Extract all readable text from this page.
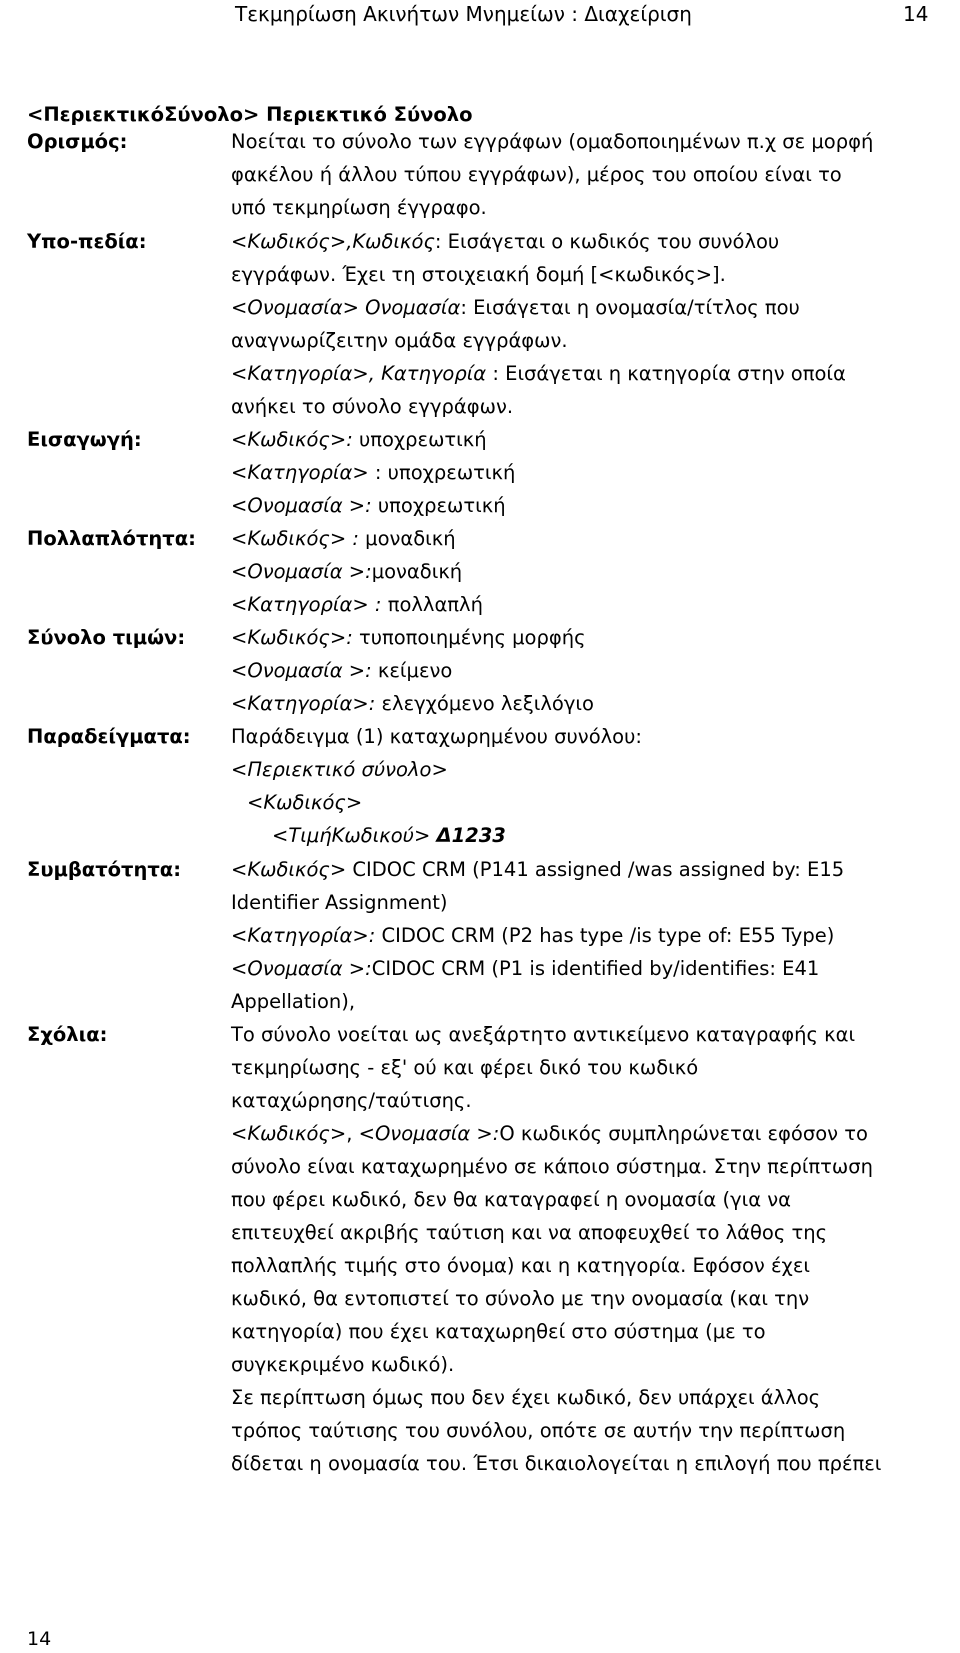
Τεκμηρίωση Ακινήτων Μνημείων : Διαχείριση	14
<ΠεριεκτικόΣύνολο> Περιεκτικό Σύνολο
Ορισμός:	Νοείται το σύνολο των εγγράφων (ομαδοποιημένων π.χ σε μορφή
φακέλου ή άλλου τύπου εγγράφων), μέρος του οποίου είναι το
υπό τεκμηρίωση έγγραφο.
Υπο-πεδία:	<Κωδικός>,Κωδικός: Εισάγεται ο κωδικός του συνόλου
εγγράφων. Έχει τη στοιχειακή δομή [<κωδικός>].
<Ονομασία> Ονομασία: Εισάγεται η ονομασία/τίτλος που
αναγνωρίζειτην ομάδα εγγράφων.
<Κατηγορία>, Κατηγορία : Εισάγεται η κατηγορία στην οποία
ανήκει το σύνολο εγγράφων.
Εισαγωγή:	<Κωδικός>: υποχρεωτική
<Κατηγορία> : υποχρεωτική
<Ονομασία >: υποχρεωτική
Πολλαπλότητα: <Κωδικός> : μοναδική
<Ονομασία >:μοναδική
<Κατηγορία> : πολλαπλή
Σύνολο τιμών: <Κωδικός>: τυποποιημένης μορφής
<Ονομασία >: κείμενο
<Κατηγορία>: ελεγχόμενο λεξιλόγιο
Παραδείγματα: Παράδειγμα (1) καταχωρημένου συνόλου:
<Περιεκτικό σύνολο>
<Κωδικός>
<ΤιμήΚωδικού> Δ1233
Συμβατότητα:	<Κωδικός> CIDOC CRM (P141 assigned /was assigned by: E15
Identifier Assignment)
<Κατηγορία>: CIDOC CRM (P2 has type /is type of: E55 Type)
<Ονομασία >:CIDOC CRM (P1 is identified by/identifies: E41
Appellation),
Σχόλια:	Το σύνολο νοείται ως ανεξάρτητο αντικείμενο καταγραφής και
τεκμηρίωσης - εξ' ού και φέρει δικό του κωδικό
καταχώρησης/ταύτισης.
<Κωδικός>, <Ονομασία >:Ο κωδικός συμπληρώνεται εφόσον το
σύνολο είναι καταχωρημένο σε κάποιο σύστημα. Στην περίπτωση
που φέρει κωδικό, δεν θα καταγραφεί η ονομασία (για να
επιτευχθεί ακριβής ταύτιση και να αποφευχθεί το λάθος της
πολλαπλής τιμής στο όνομα) και η κατηγορία. Εφόσον έχει
κωδικό, θα εντοπιστεί το σύνολο με την ονομασία (και την
κατηγορία) που έχει καταχωρηθεί στο σύστημα (με το
συγκεκριμένο κωδικό).
Σε περίπτωση όμως που δεν έχει κωδικό, δεν υπάρχει άλλος
τρόπος ταύτισης του συνόλου, οπότε σε αυτήν την περίπτωση
δίδεται η ονομασία του. Έτσι δικαιολογείται η επιλογή που πρέπει
14
